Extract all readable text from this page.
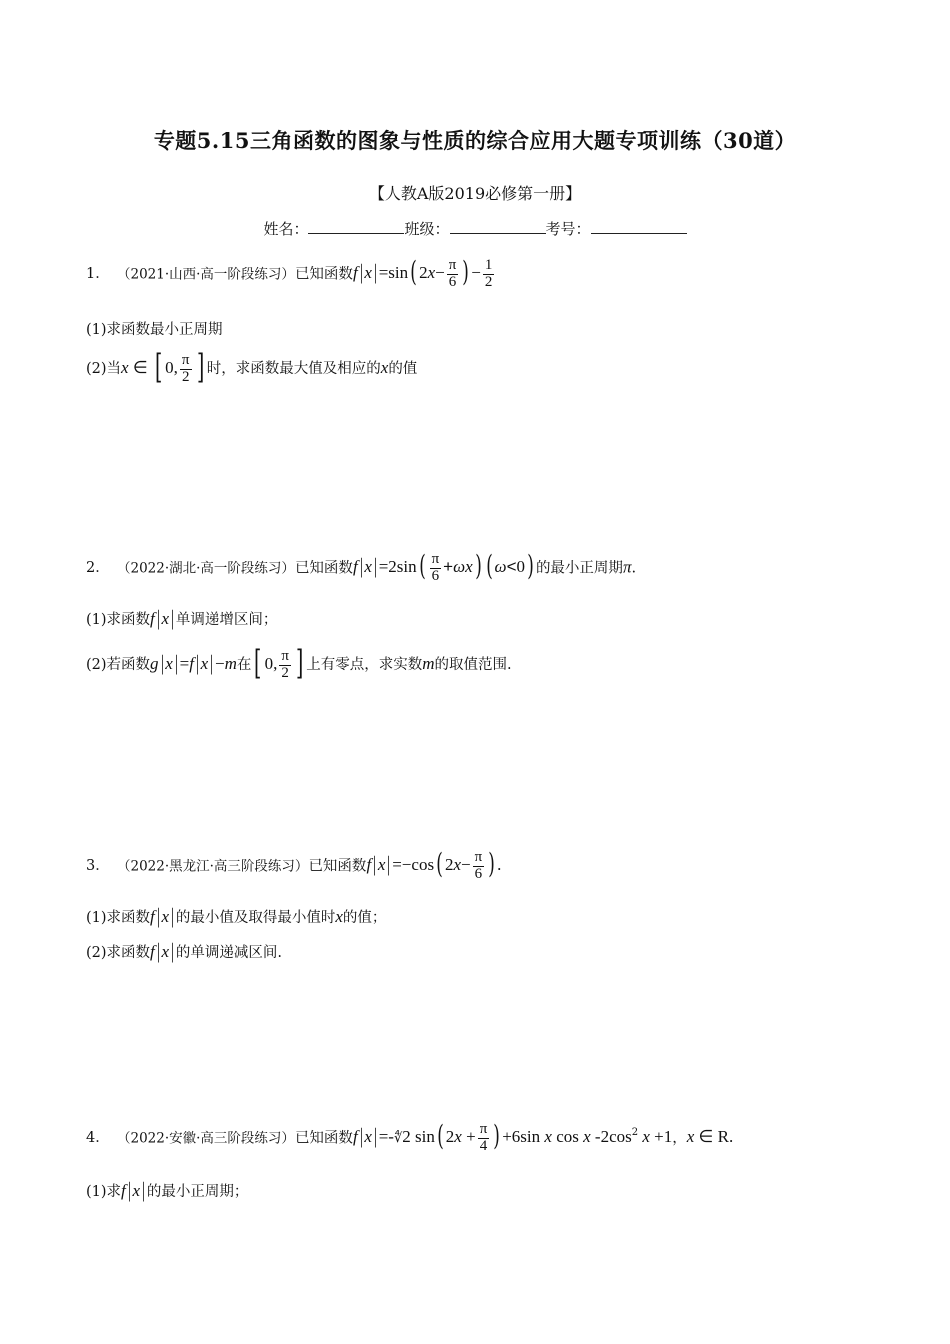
专题5.15三角函数的图象与性质的综合应用大题专项训练（30道）
【人教A版2019必修第一册】
姓名：	班级：	考号：
1． （2021·山西·高一阶段练习）已知函数f|x|=sin( $2x- \frac{\pi}{6}$ ) − $\frac{1}{2}$
(1)求函数最小正周期
(2)当x ∈ [ 0, $\frac{\pi}{2}$ ] 时，求函数最大值及相应的x的值
2． （2022·湖北·高一阶段练习）已知函数$f|x|=2\sin( \frac{\pi}{6} +\omega x)$ ( ω<0) 的最小正周期π.
(1)求函数f|x| 单调递增区间；
(2)若函数g|x|=f|x|−m在[ 0, $\frac{\pi}{2}$ ] 上有零点，求实数m的取值范围.
3． （2022·黑龙江·高三阶段练习）已知函数f|x|=−cos( $2x- \frac{\pi}{6}$ ) .
(1)求函数f|x| 的最小值及取得最小值时x的值；
(2)求函数f|x| 的单调递减区间.
4． （2022·安徽·高三阶段练习）已知函数f|x|=-∜2 sin( $2x + \frac{\pi}{4}$ ) +6sin x cos x $-2\cos^2$ x +1，x ∈ R.
(1)求f|x| 的最小正周期；
